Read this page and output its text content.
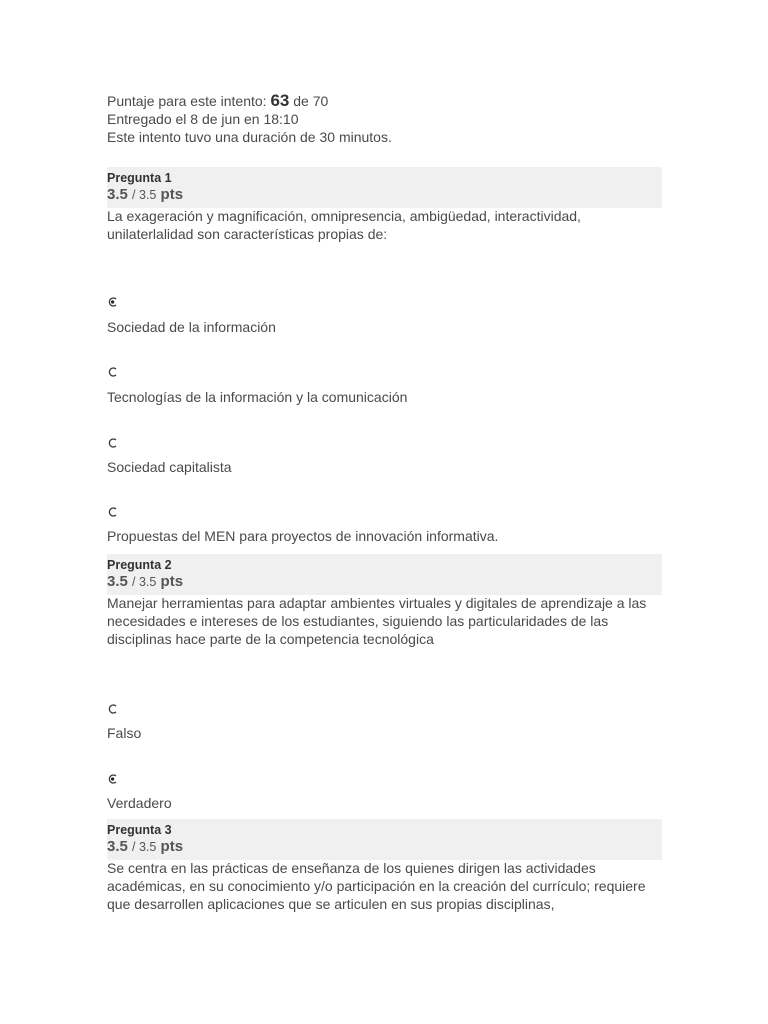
Puntaje para este intento: 63 de 70
Entregado el 8 de jun en 18:10
Este intento tuvo una duración de 30 minutos.
Pregunta 1
3.5 / 3.5 pts
La exageración y magnificación, omnipresencia, ambigüedad, interactividad, unilaterlalidad son características propias de:
Sociedad de la información
Tecnologías de la información y la comunicación
Sociedad capitalista
Propuestas del MEN para proyectos de innovación informativa.
Pregunta 2
3.5 / 3.5 pts
Manejar herramientas para adaptar ambientes virtuales y digitales de aprendizaje a las necesidades e intereses de los estudiantes, siguiendo las particularidades de las disciplinas hace parte de la competencia tecnológica
Falso
Verdadero
Pregunta 3
3.5 / 3.5 pts
Se centra en las prácticas de enseñanza de los quienes dirigen las actividades académicas, en su conocimiento y/o participación en la creación del currículo; requiere que desarrollen aplicaciones que se articulen en sus propias disciplinas,
